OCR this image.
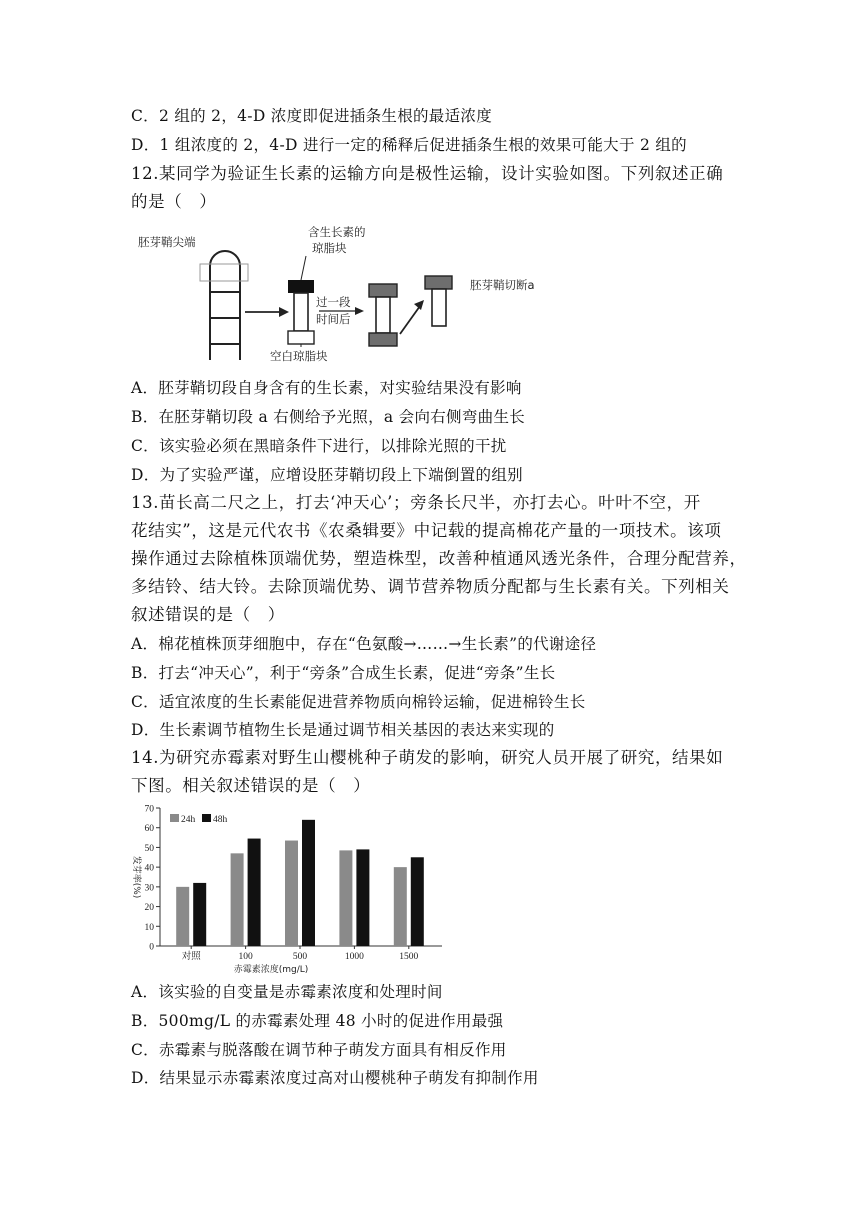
C．2 组的 2，4-D 浓度即促进插条生根的最适浓度
D．1 组浓度的 2，4-D 进行一定的稀释后促进插条生根的效果可能大于 2 组的
12.某同学为验证生长素的运输方向是极性运输，设计实验如图。下列叙述正确
的是（　）
胚芽鞘尖端
含生长素的
琼脂块
空白琼脂块
过一段
时间后
胚芽鞘切断a
A．胚芽鞘切段自身含有的生长素，对实验结果没有影响
B．在胚芽鞘切段 a 右侧给予光照，a 会向右侧弯曲生长
C．该实验必须在黑暗条件下进行，以排除光照的干扰
D．为了实验严谨，应增设胚芽鞘切段上下端倒置的组别
13.苗长高二尺之上，打去‘冲天心’；旁条长尺半，亦打去心。叶叶不空，开
花结实”，这是元代农书《农桑辑要》中记载的提高棉花产量的一项技术。该项
操作通过去除植株顶端优势，塑造株型，改善种植通风透光条件，合理分配营养，
多结铃、结大铃。去除顶端优势、调节营养物质分配都与生长素有关。下列相关
叙述错误的是（　）
A．棉花植株顶芽细胞中，存在“色氨酸→……→生长素”的代谢途径
B．打去“冲天心”，利于“旁条”合成生长素，促进“旁条”生长
C．适宜浓度的生长素能促进营养物质向棉铃运输，促进棉铃生长
D．生长素调节植物生长是通过调节相关基因的表达来实现的
14.为研究赤霉素对野生山樱桃种子萌发的影响，研究人员开展了研究，结果如
下图。相关叙述错误的是（　）
0
10
20
30
40
50
60
70
发芽率(%)
对照	100	500	1000	1500
赤霉素浓度(mg/L)
24h 48h
A．该实验的自变量是赤霉素浓度和处理时间
B．500mg/L 的赤霉素处理 48 小时的促进作用最强
C．赤霉素与脱落酸在调节种子萌发方面具有相反作用
D．结果显示赤霉素浓度过高对山樱桃种子萌发有抑制作用
